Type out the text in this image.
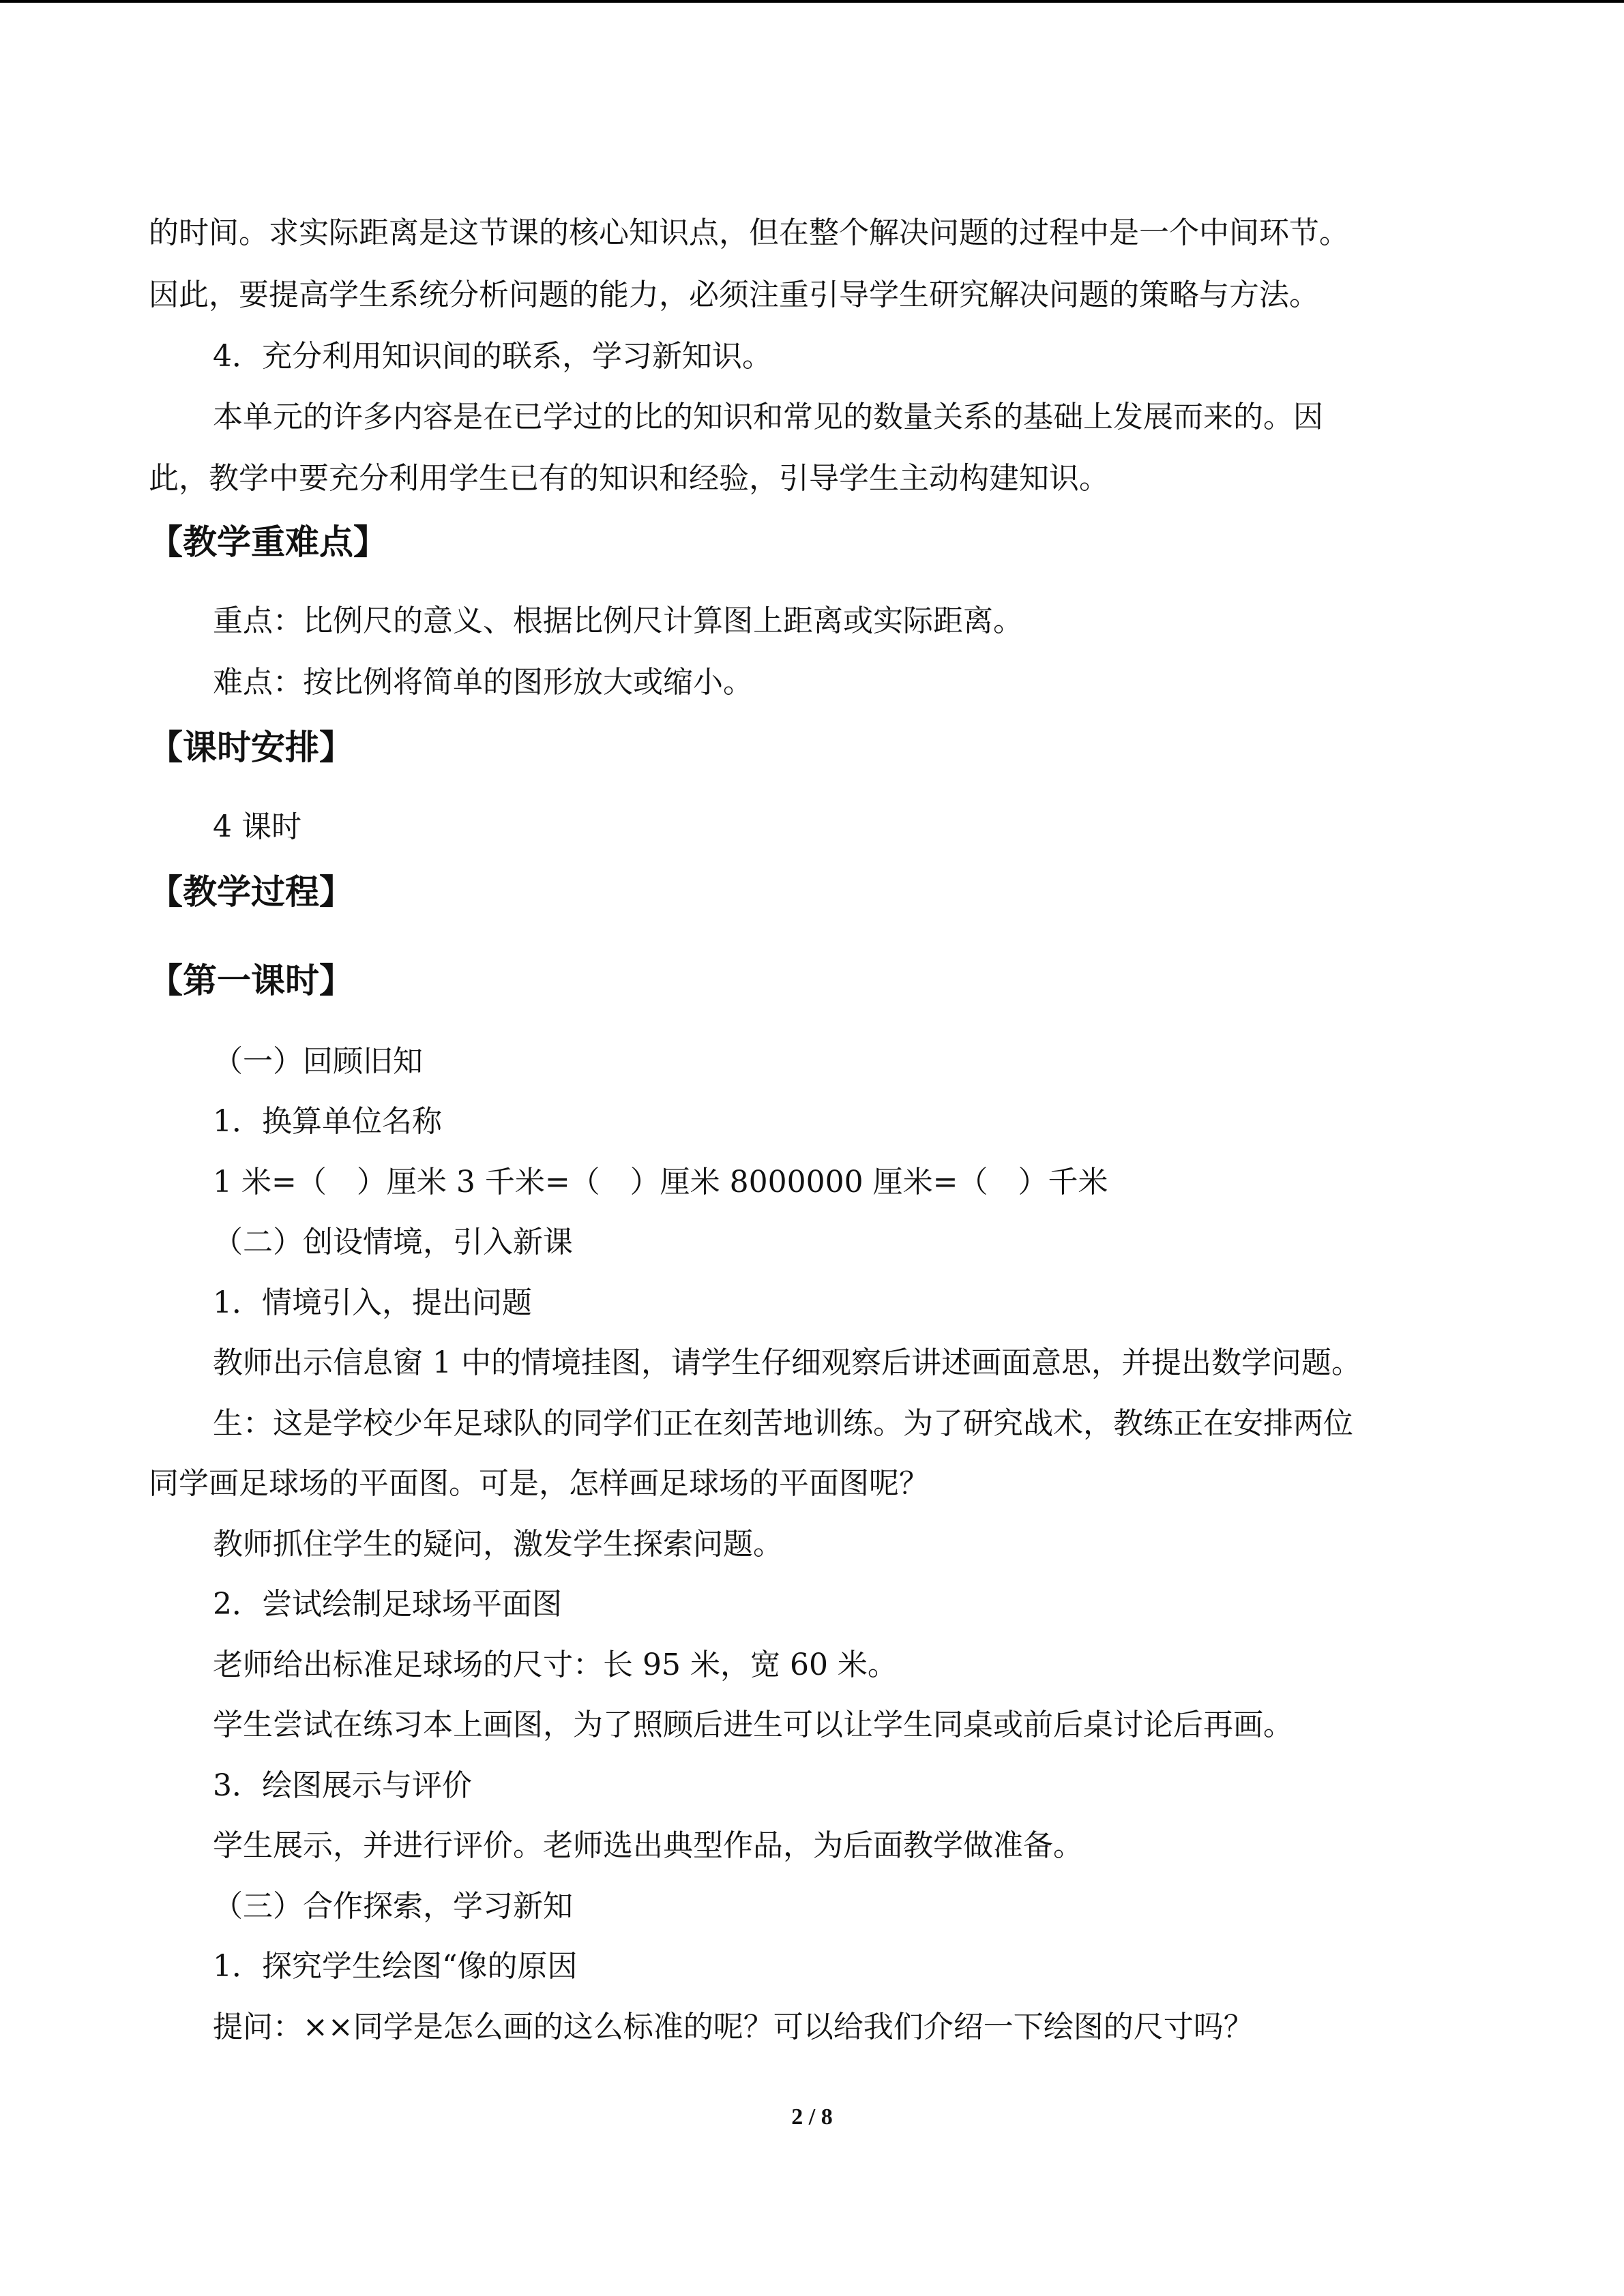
的时间。求实际距离是这节课的核心知识点，但在整个解决问题的过程中是一个中间环节。
因此，要提高学生系统分析问题的能力，必须注重引导学生研究解决问题的策略与方法。
4．充分利用知识间的联系，学习新知识。
本单元的许多内容是在已学过的比的知识和常见的数量关系的基础上发展而来的。因
此，教学中要充分利用学生已有的知识和经验，引导学生主动构建知识。
【教学重难点】
重点：比例尺的意义、根据比例尺计算图上距离或实际距离。
难点：按比例将简单的图形放大或缩小。
【课时安排】
4 课时
【教学过程】
【第一课时】
（一）回顾旧知
1．换算单位名称
1 米=（　）厘米 3 千米=（　）厘米 8000000 厘米=（　）千米
（二）创设情境，引入新课
1．情境引入，提出问题
教师出示信息窗 1 中的情境挂图，请学生仔细观察后讲述画面意思，并提出数学问题。
生：这是学校少年足球队的同学们正在刻苦地训练。为了研究战术，教练正在安排两位
同学画足球场的平面图。可是，怎样画足球场的平面图呢？
教师抓住学生的疑问，激发学生探索问题。
2．尝试绘制足球场平面图
老师给出标准足球场的尺寸：长 95 米，宽 60 米。
学生尝试在练习本上画图，为了照顾后进生可以让学生同桌或前后桌讨论后再画。
3．绘图展示与评价
学生展示，并进行评价。老师选出典型作品，为后面教学做准备。
（三）合作探索，学习新知
1．探究学生绘图“像的原因
提问：××同学是怎么画的这么标准的呢？可以给我们介绍一下绘图的尺寸吗？
2 / 8
